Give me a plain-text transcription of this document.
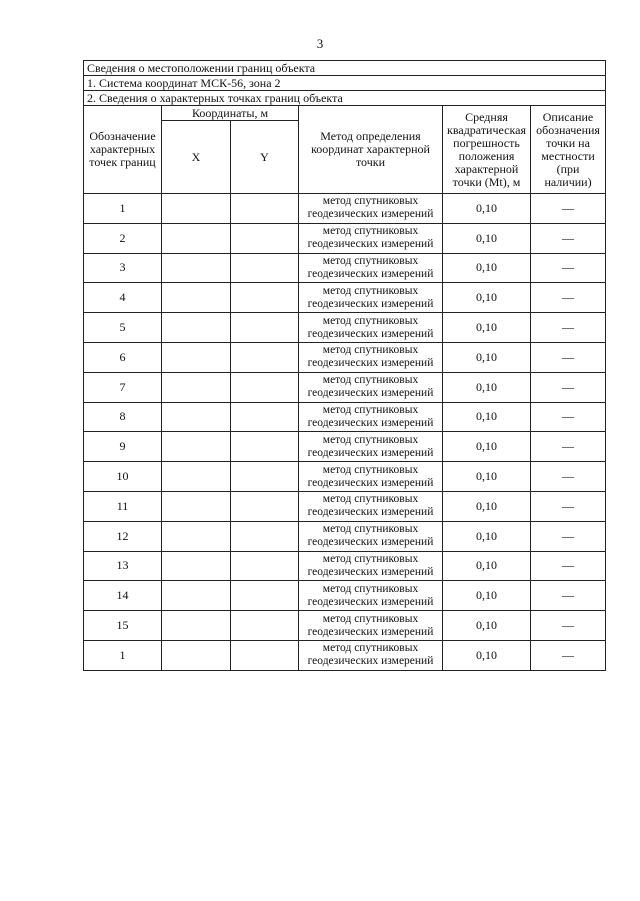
3
Сведения о местоположении границ объекта					
1. Система координат МСК-56, зона 2					
2. Сведения о характерных точках границ объекта					
Обозначение характерных точек границ	Координаты, м		Метод определения координат характерной точки	Средняя квадратическая погрешность положения характерной точки (Mt), м	Описание обозначения точки на местности (при наличии)
	X	Y			
1			метод спутниковых геодезических измерений	0,10	—
2			метод спутниковых геодезических измерений	0,10	—
3			метод спутниковых геодезических измерений	0,10	—
4			метод спутниковых геодезических измерений	0,10	—
5			метод спутниковых геодезических измерений	0,10	—
6			метод спутниковых геодезических измерений	0,10	—
7			метод спутниковых геодезических измерений	0,10	—
8			метод спутниковых геодезических измерений	0,10	—
9			метод спутниковых геодезических измерений	0,10	—
10			метод спутниковых геодезических измерений	0,10	—
11			метод спутниковых геодезических измерений	0,10	—
12			метод спутниковых геодезических измерений	0,10	—
13			метод спутниковых геодезических измерений	0,10	—
14			метод спутниковых геодезических измерений	0,10	—
15			метод спутниковых геодезических измерений	0,10	—
1			метод спутниковых геодезических измерений	0,10	—
